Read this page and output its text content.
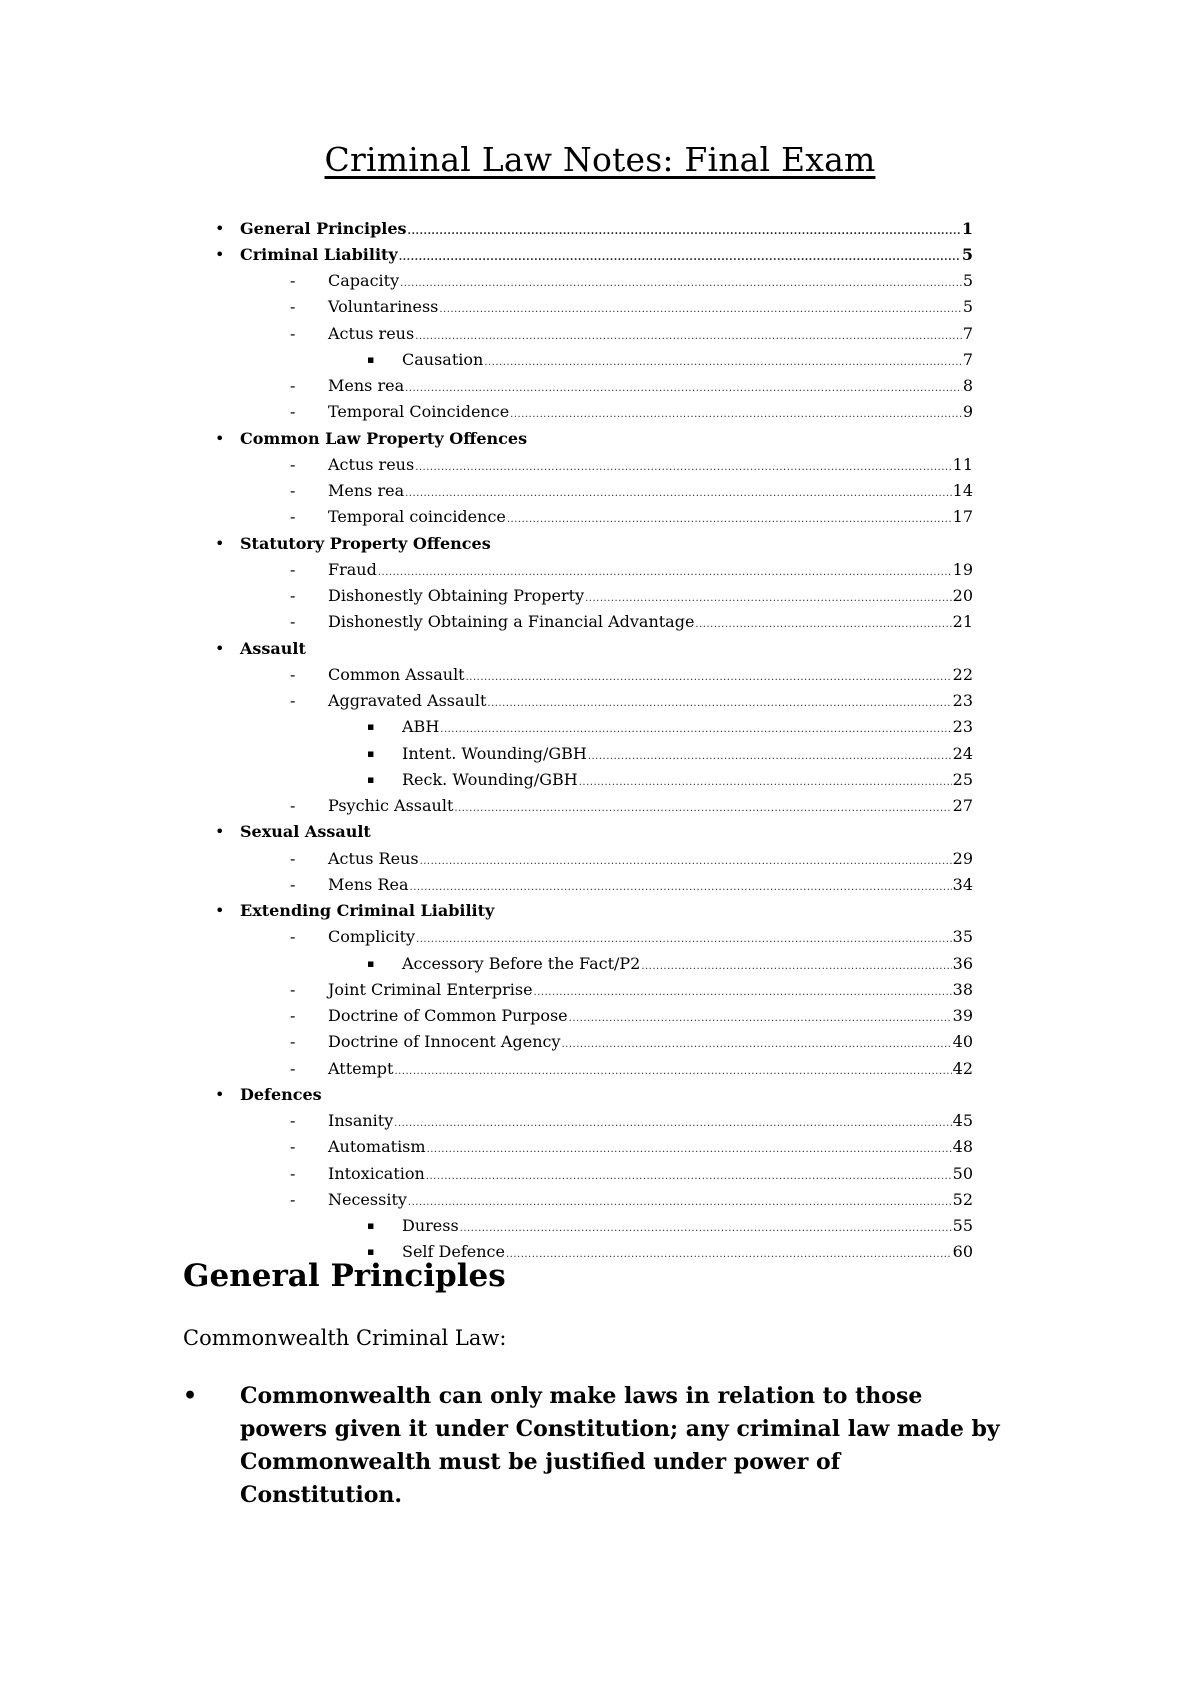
Criminal Law Notes: Final Exam
• General Principles .....	1
• Criminal Liability .....	5
- Capacity .....	5
- Voluntariness .....	5
- Actus reus .....	7
▪ Causation .....	7
- Mens rea .....	8
- Temporal Coincidence .....	9
• Common Law Property Offences
- Actus reus .....	11
- Mens rea .....	14
- Temporal coincidence .....	17
• Statutory Property Offences
- Fraud .....	19
- Dishonestly Obtaining Property .....	20
- Dishonestly Obtaining a Financial Advantage .....	21
• Assault
- Common Assault .....	22
- Aggravated Assault .....	23
▪ ABH .....	23
▪ Intent. Wounding/GBH .....	24
▪ Reck. Wounding/GBH .....	25
- Psychic Assault .....	27
• Sexual Assault
- Actus Reus .....	29
- Mens Rea .....	34
• Extending Criminal Liability
- Complicity .....	35
▪ Accessory Before the Fact/P2 .....	36
- Joint Criminal Enterprise .....	38
- Doctrine of Common Purpose .....	39
- Doctrine of Innocent Agency .....	40
- Attempt .....	42
• Defences
- Insanity .....	45
- Automatism .....	48
- Intoxication .....	50
- Necessity .....	52
▪ Duress .....	55
▪ Self Defence .....	60
General Principles
Commonwealth Criminal Law:
•	Commonwealth can only make laws in relation to those powers given it under Constitution; any criminal law made by Commonwealth must be justified under power of Constitution.
